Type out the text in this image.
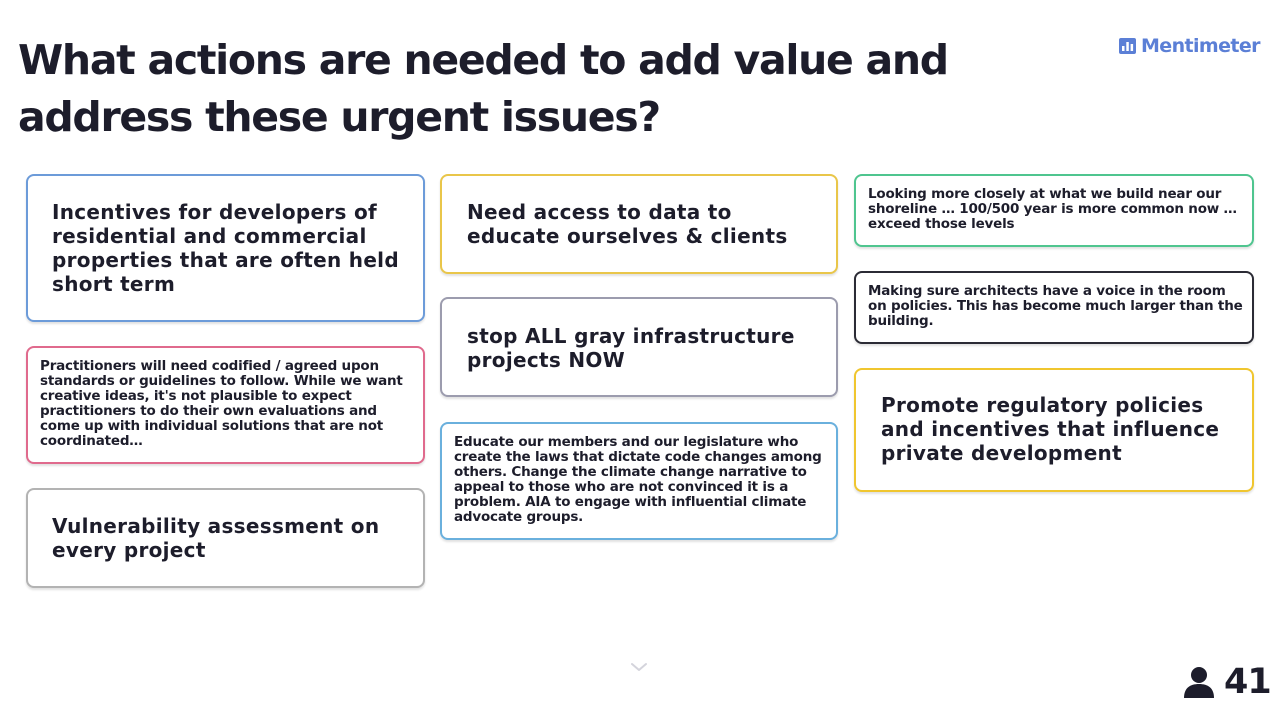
What actions are needed to add value and address these urgent issues?
Mentimeter

Incentives for developers of residential and commercial properties that are often held short term

Practitioners will need codified / agreed upon standards or guidelines to follow. While we want creative ideas, it's not plausible to expect practitioners to do their own evaluations and come up with individual solutions that are not coordinated…

Vulnerability assessment on every project

Need access to data to educate ourselves & clients

stop ALL gray infrastructure projects NOW

Educate our members and our legislature who create the laws that dictate code changes among others. Change the climate change narrative to appeal to those who are not convinced it is a problem. AIA to engage with influential climate advocate groups.

Looking more closely at what we build near our shoreline … 100/500 year is more common now … exceed those levels

Making sure architects have a voice in the room on policies. This has become much larger than the building.

Promote regulatory policies and incentives that influence private development

41
